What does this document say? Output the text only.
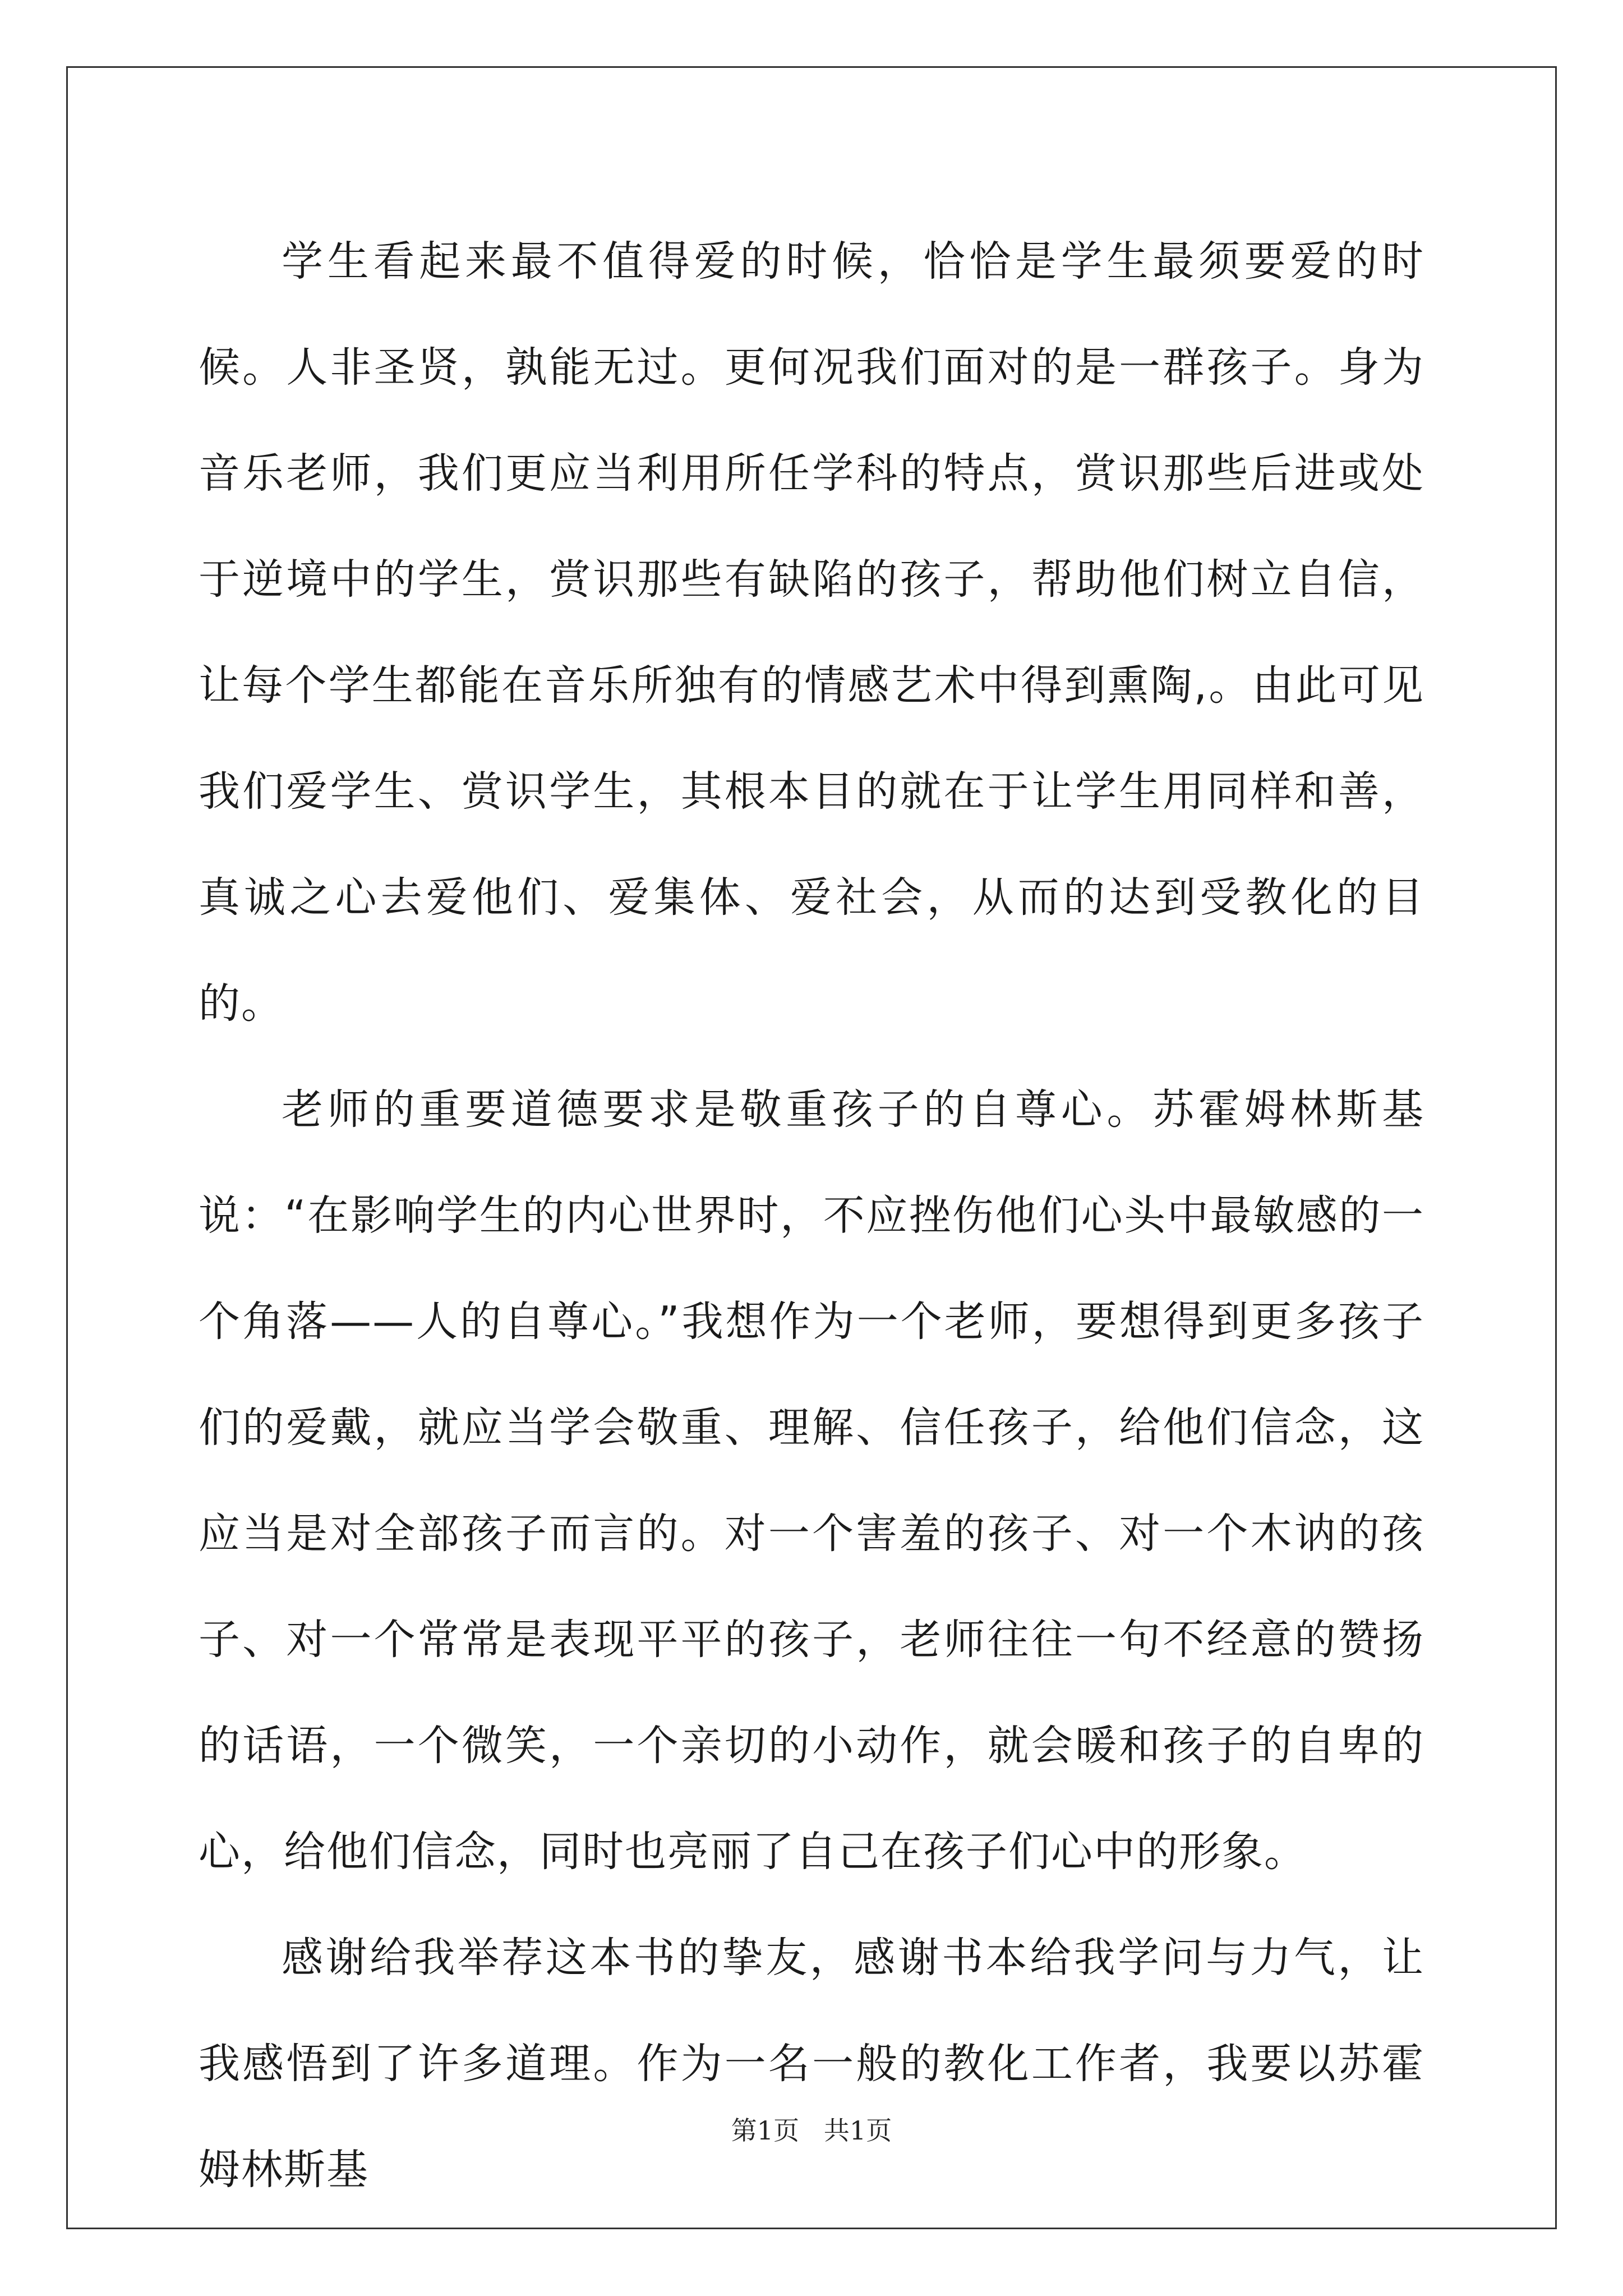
学生看起来最不值得爱的时候，恰恰是学生最须要爱的时候。人非圣贤，孰能无过。更何况我们面对的是一群孩子。身为音乐老师，我们更应当利用所任学科的特点，赏识那些后进或处于逆境中的学生，赏识那些有缺陷的孩子，帮助他们树立自信，让每个学生都能在音乐所独有的情感艺术中得到熏陶,。由此可见我们爱学生、赏识学生，其根本目的就在于让学生用同样和善，真诚之心去爱他们、爱集体、爱社会，从而的达到受教化的目的。

老师的重要道德要求是敬重孩子的自尊心。苏霍姆林斯基说：“在影响学生的内心世界时，不应挫伤他们心头中最敏感的一个角落——人的自尊心。”我想作为一个老师，要想得到更多孩子们的爱戴，就应当学会敬重、理解、信任孩子，给他们信念，这应当是对全部孩子而言的。对一个害羞的孩子、对一个木讷的孩子、对一个常常是表现平平的孩子，老师往往一句不经意的赞扬的话语，一个微笑，一个亲切的小动作，就会暖和孩子的自卑的心，给他们信念，同时也亮丽了自己在孩子们心中的形象。

感谢给我举荐这本书的挚友，感谢书本给我学问与力气，让我感悟到了许多道理。作为一名一般的教化工作者，我要以苏霍姆林斯基

第1页   共1页
